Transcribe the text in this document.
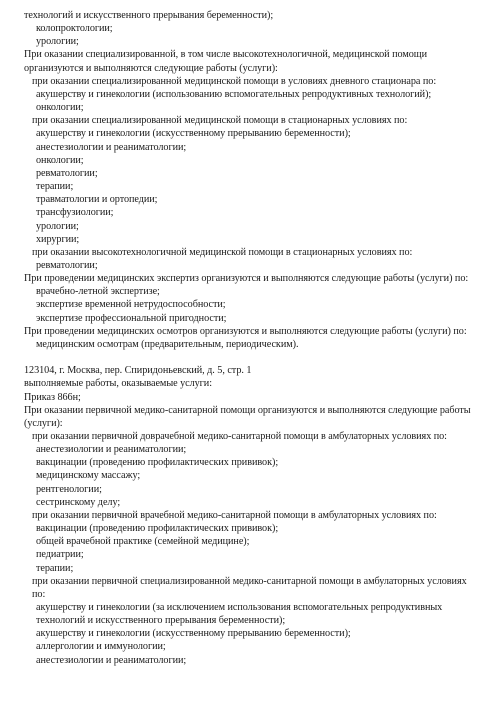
технологий и искусственного прерывания беременности);
колопроктологии;
урологии;
При оказании специализированной, в том числе высокотехнологичной, медицинской помощи организуются и выполняются следующие работы (услуги):
при оказании специализированной медицинской помощи в условиях дневного стационара по:
акушерству и гинекологии (использованию вспомогательных репродуктивных технологий);
онкологии;
при оказании специализированной медицинской помощи в стационарных условиях по:
акушерству и гинекологии (искусственному прерыванию беременности);
анестезиологии и реаниматологии;
онкологии;
ревматологии;
терапии;
травматологии и ортопедии;
трансфузиологии;
урологии;
хирургии;
при оказании высокотехнологичной медицинской помощи в стационарных условиях по:
ревматологии;
При проведении медицинских экспертиз организуются и выполняются следующие работы (услуги) по:
врачебно-летной экспертизе;
экспертизе временной нетрудоспособности;
экспертизе профессиональной пригодности;
При проведении медицинских осмотров организуются и выполняются следующие работы (услуги) по:
медицинским осмотрам (предварительным, периодическим).
123104, г. Москва, пер. Спиридоньевский, д. 5, стр. 1
выполняемые работы, оказываемые услуги:
Приказ 866н;
При оказании первичной медико-санитарной помощи организуются и выполняются следующие работы (услуги):
при оказании первичной доврачебной медико-санитарной помощи в амбулаторных условиях по:
анестезиологии и реаниматологии;
вакцинации (проведению профилактических прививок);
медицинскому массажу;
рентгенологии;
сестринскому делу;
при оказании первичной врачебной медико-санитарной помощи в амбулаторных условиях по:
вакцинации (проведению профилактических прививок);
общей врачебной практике (семейной медицине);
педиатрии;
терапии;
при оказании первичной специализированной медико-санитарной помощи в амбулаторных условиях по:
акушерству и гинекологии (за исключением использования вспомогательных репродуктивных технологий и искусственного прерывания беременности);
акушерству и гинекологии (искусственному прерыванию беременности);
аллергологии и иммунологии;
анестезиологии и реаниматологии;
